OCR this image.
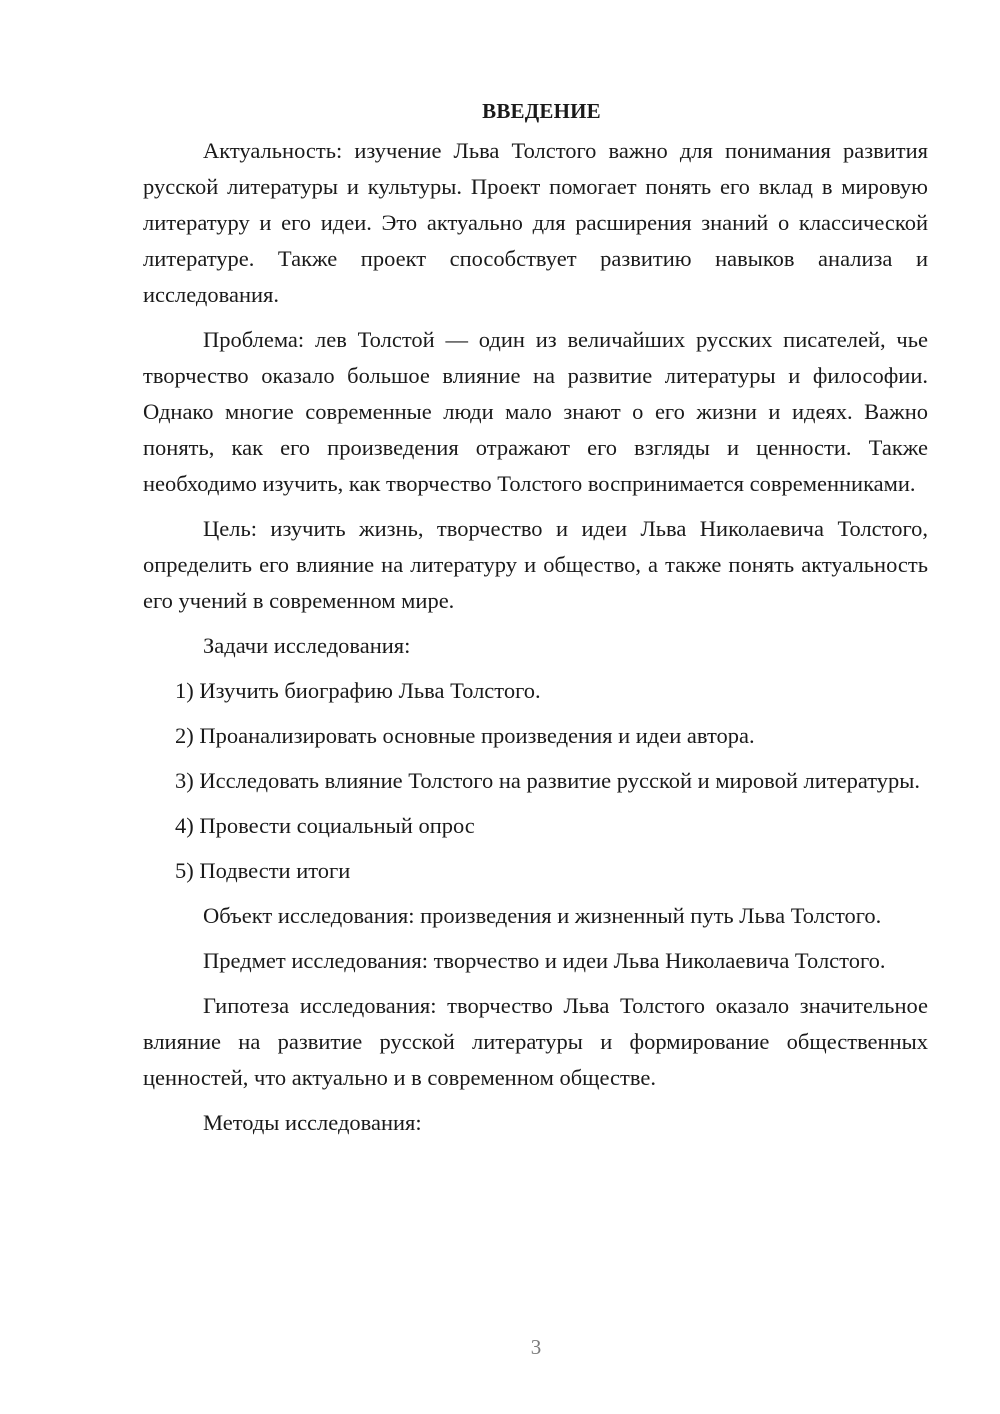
ВВЕДЕНИЕ

Актуальность: изучение Льва Толстого важно для понимания развития русской литературы и культуры. Проект помогает понять его вклад в мировую литературу и его идеи. Это актуально для расширения знаний о классической литературе. Также проект способствует развитию навыков анализа и исследования.

Проблема: лев Толстой — один из величайших русских писателей, чье творчество оказало большое влияние на развитие литературы и философии. Однако многие современные люди мало знают о его жизни и идеях. Важно понять, как его произведения отражают его взгляды и ценности. Также необходимо изучить, как творчество Толстого воспринимается современниками.

Цель: изучить жизнь, творчество и идеи Льва Николаевича Толстого, определить его влияние на литературу и общество, а также понять актуальность его учений в современном мире.

Задачи исследования:

1) Изучить биографию Льва Толстого.

2) Проанализировать основные произведения и идеи автора.

3) Исследовать влияние Толстого на развитие русской и мировой литературы.

4) Провести социальный опрос

5) Подвести итоги

Объект исследования: произведения и жизненный путь Льва Толстого.

Предмет исследования: творчество и идеи Льва Николаевича Толстого.

Гипотеза исследования: творчество Льва Толстого оказало значительное влияние на развитие русской литературы и формирование общественных ценностей, что актуально и в современном обществе.

Методы исследования:

3
